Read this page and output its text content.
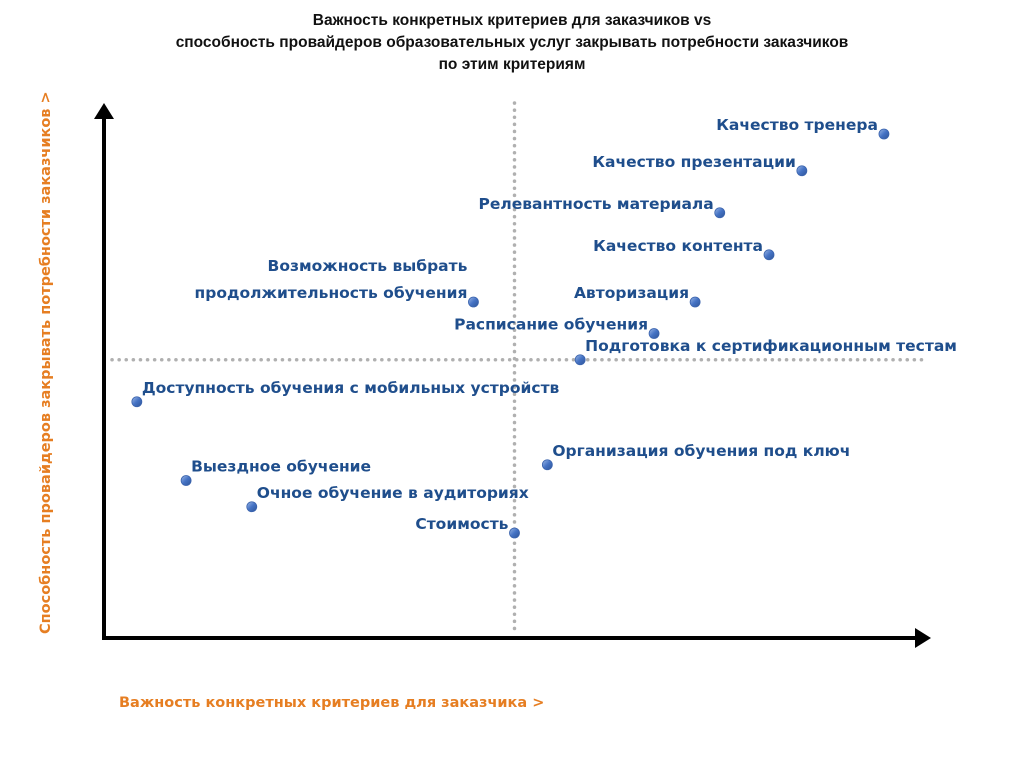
Важность конкретных критериев для заказчиков vs
способность провайдеров образовательных услуг закрывать потребности заказчиков
по этим критериям
Качество тренера
Качество презентации
Релевантность материала
Качество контента
Возможность выбрать
продолжительность обучения	Авторизация
Расписание обучения
Подготовка к сертификационным тестам
Доступность обучения с мобильных устройств
Организация обучения под ключ
Выездное обучение
Очное обучение в аудиториях
Стоимость
Важность конкретных критериев для заказчика >
Способность провайдеров закрывать потребности заказчиков >
